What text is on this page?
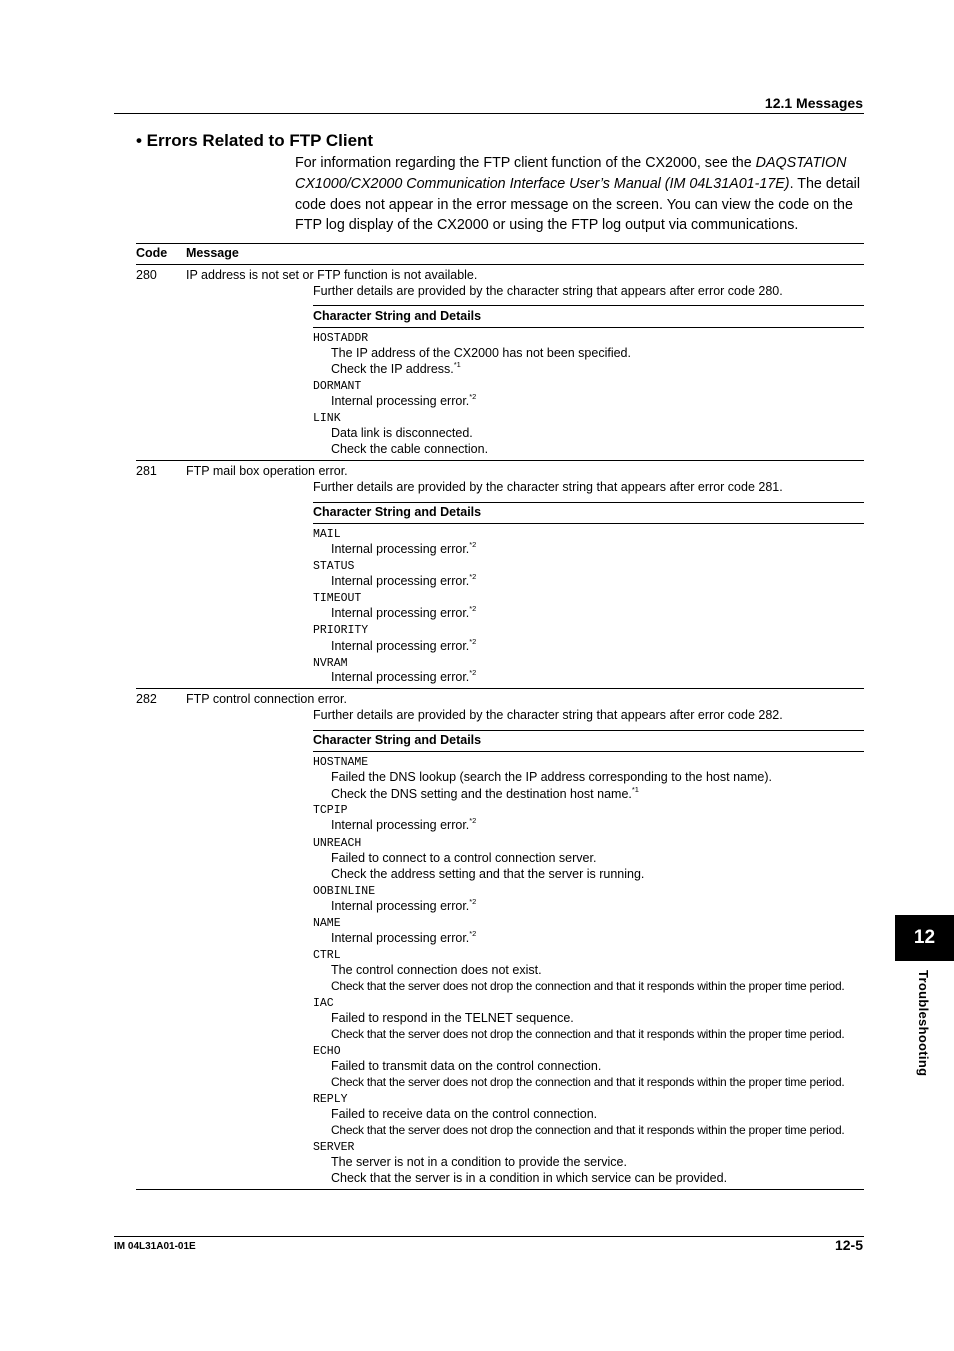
12.1 Messages
• Errors Related to FTP Client
For information regarding the FTP client function of the CX2000, see the DAQSTATION CX1000/CX2000 Communication Interface User’s Manual (IM 04L31A01-17E). The detail code does not appear in the error message on the screen. You can view the code on the FTP log display of the CX2000 or using the FTP log output via communications.
Code Message
280 IP address is not set or FTP function is not available.
Further details are provided by the character string that appears after error code 280.
Character String and Details
HOSTADDR
The IP address of the CX2000 has not been specified.
Check the IP address.$^{*1}$
DORMANT
Internal processing error.$^{*2}$
LINK
Data link is disconnected.
Check the cable connection.
281 FTP mail box operation error.
Further details are provided by the character string that appears after error code 281.
Character String and Details
MAIL
Internal processing error.$^{*2}$
STATUS
Internal processing error.$^{*2}$
TIMEOUT
Internal processing error.$^{*2}$
PRIORITY
Internal processing error.$^{*2}$
NVRAM
Internal processing error.$^{*2}$
282 FTP control connection error.
Further details are provided by the character string that appears after error code 282.
Character String and Details
HOSTNAME
Failed the DNS lookup (search the IP address corresponding to the host name).
Check the DNS setting and the destination host name.$^{*1}$
TCPIP
Internal processing error.$^{*2}$
UNREACH
Failed to connect to a control connection server.
Check the address setting and that the server is running.
OOBINLINE
Internal processing error.$^{*2}$
NAME
Internal processing error.$^{*2}$
CTRL
The control connection does not exist.
Check that the server does not drop the connection and that it responds within the proper time period.
IAC
Failed to respond in the TELNET sequence.
Check that the server does not drop the connection and that it responds within the proper time period.
ECHO
Failed to transmit data on the control connection.
Check that the server does not drop the connection and that it responds within the proper time period.
REPLY
Failed to receive data on the control connection.
Check that the server does not drop the connection and that it responds within the proper time period.
SERVER
The server is not in a condition to provide the service.
Check that the server is in a condition in which service can be provided.
12
Troubleshooting
IM 04L31A01-01E	12-5
